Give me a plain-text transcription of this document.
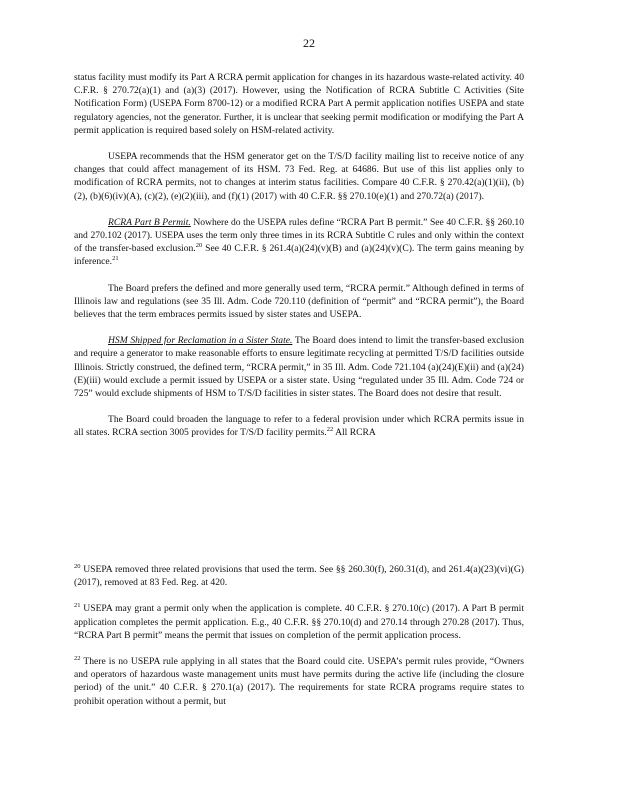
22

status facility must modify its Part A RCRA permit application for changes in its hazardous waste-related activity. 40 C.F.R. § 270.72(a)(1) and (a)(3) (2017). However, using the Notification of RCRA Subtitle C Activities (Site Notification Form) (USEPA Form 8700-12) or a modified RCRA Part A permit application notifies USEPA and state regulatory agencies, not the generator. Further, it is unclear that seeking permit modification or modifying the Part A permit application is required based solely on HSM-related activity.

USEPA recommends that the HSM generator get on the T/S/D facility mailing list to receive notice of any changes that could affect management of its HSM. 73 Fed. Reg. at 64686. But use of this list applies only to modification of RCRA permits, not to changes at interim status facilities. Compare 40 C.F.R. § 270.42(a)(1)(ii), (b)(2), (b)(6)(iv)(A), (c)(2), (e)(2)(iii), and (f)(1) (2017) with 40 C.F.R. §§ 270.10(e)(1) and 270.72(a) (2017).

RCRA Part B Permit. Nowhere do the USEPA rules define “RCRA Part B permit.” See 40 C.F.R. §§ 260.10 and 270.102 (2017). USEPA uses the term only three times in its RCRA Subtitle C rules and only within the context of the transfer-based exclusion.$^{20}$ See 40 C.F.R. § 261.4(a)(24)(v)(B) and (a)(24)(v)(C). The term gains meaning by inference.$^{21}$

The Board prefers the defined and more generally used term, “RCRA permit.” Although defined in terms of Illinois law and regulations (see 35 Ill. Adm. Code 720.110 (definition of “permit” and “RCRA permit”), the Board believes that the term embraces permits issued by sister states and USEPA.

HSM Shipped for Reclamation in a Sister State. The Board does intend to limit the transfer-based exclusion and require a generator to make reasonable efforts to ensure legitimate recycling at permitted T/S/D facilities outside Illinois. Strictly construed, the defined term, “RCRA permit,” in 35 Ill. Adm. Code 721.104 (a)(24)(E)(ii) and (a)(24)(E)(iii) would exclude a permit issued by USEPA or a sister state. Using “regulated under 35 Ill. Adm. Code 724 or 725” would exclude shipments of HSM to T/S/D facilities in sister states. The Board does not desire that result.

The Board could broaden the language to refer to a federal provision under which RCRA permits issue in all states. RCRA section 3005 provides for T/S/D facility permits.$^{22}$ All RCRA

$^{20}$ USEPA removed three related provisions that used the term. See §§ 260.30(f), 260.31(d), and 261.4(a)(23)(vi)(G) (2017), removed at 83 Fed. Reg. at 420.

$^{21}$ USEPA may grant a permit only when the application is complete. 40 C.F.R. § 270.10(c) (2017). A Part B permit application completes the permit application. E.g., 40 C.F.R. §§ 270.10(d) and 270.14 through 270.28 (2017). Thus, “RCRA Part B permit” means the permit that issues on completion of the permit application process.

$^{22}$ There is no USEPA rule applying in all states that the Board could cite. USEPA’s permit rules provide, “Owners and operators of hazardous waste management units must have permits during the active life (including the closure period) of the unit.” 40 C.F.R. § 270.1(a) (2017). The requirements for state RCRA programs require states to prohibit operation without a permit, but
